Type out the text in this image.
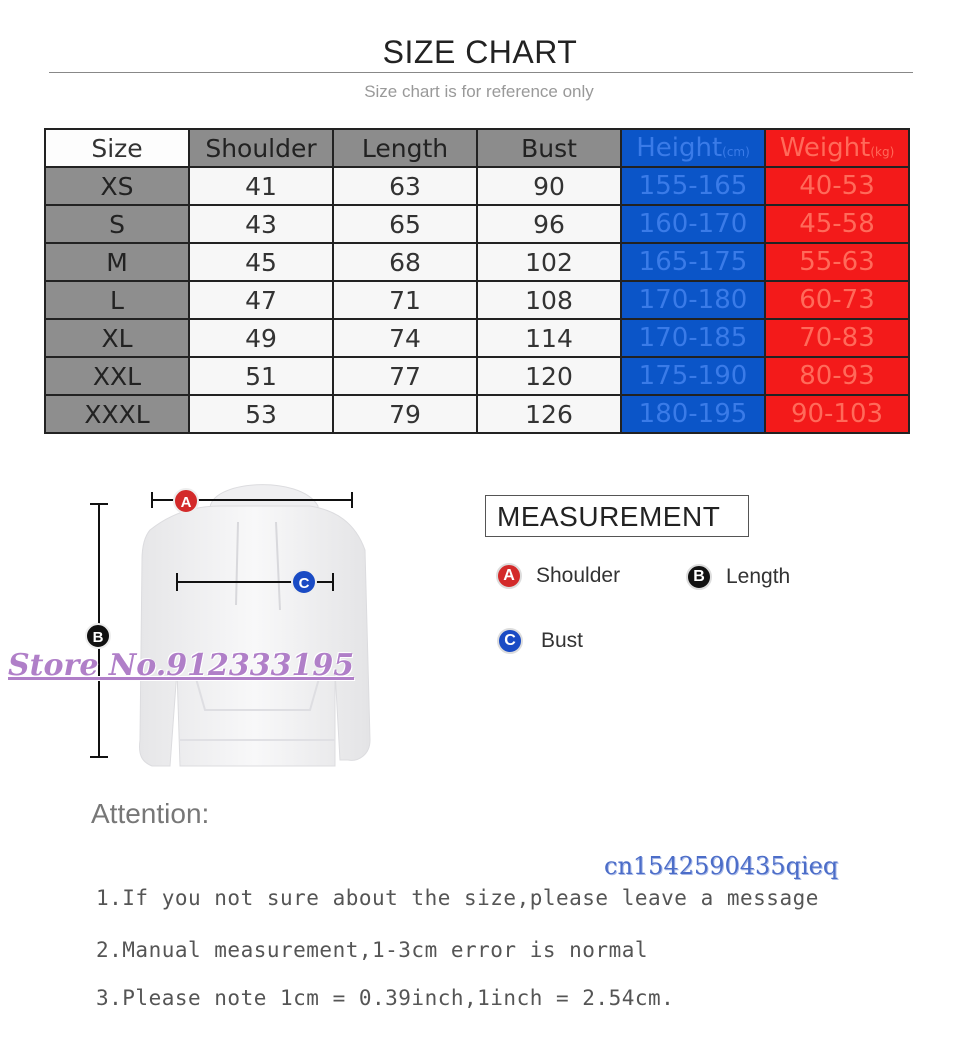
SIZE CHART
Size chart is for reference only
Size	Shoulder	Length	Bust	Height(cm)	Weight(kg)
XS	41	63	90	155-165	40-53
S	43	65	96	160-170	45-58
M	45	68	102	165-175	55-63
L	47	71	108	170-180	60-73
XL	49	74	114	170-185	70-83
XXL	51	77	120	175-190	80-93
XXXL	53	79	126	180-195	90-103
A
C
B
Store No.912333195
MEASUREMENT
A	Shoulder	B	Length
C	Bust
Attention:
cn1542590435qieq
1.If you not sure about the size,please leave a message
2.Manual measurement,1-3cm error is normal
3.Please note 1cm = 0.39inch,1inch = 2.54cm.
